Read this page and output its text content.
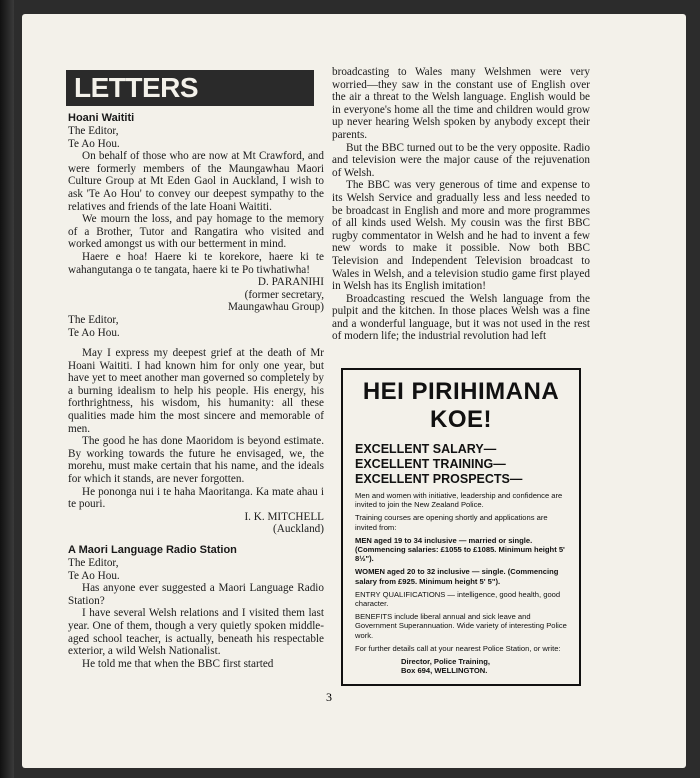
LETTERS
Hoani Waititi

The Editor,

Te Ao Hou.

On behalf of those who are now at Mt Crawford, and were formerly members of the Maungawhau Maori Culture Group at Mt Eden Gaol in Auckland, I wish to ask 'Te Ao Hou' to convey our deepest sympathy to the relatives and friends of the late Hoani Waititi.

We mourn the loss, and pay homage to the memory of a Brother, Tutor and Rangatira who visited and worked amongst us with our betterment in mind.

Haere e hoa! Haere ki te korekore, haere ki te wahangutanga o te tangata, haere ki te Po tiwhatiwha!

D. PARANIHI

(former secretary,

Maungawhau Group)

The Editor,

Te Ao Hou.

May I express my deepest grief at the death of Mr Hoani Waititi. I had known him for only one year, but have yet to meet another man governed so completely by a burning idealism to help his people. His energy, his forthrightness, his wisdom, his humanity: all these qualities made him the most sincere and memorable of men.

The good he has done Maoridom is beyond estimate. By working towards the future he envisaged, we, the morehu, must make certain that his name, and the ideals for which it stands, are never forgotten.

He pononga nui i te haha Maoritanga. Ka mate ahau i te pouri.

I. K. MITCHELL

(Auckland)

A Maori Language Radio Station

The Editor,

Te Ao Hou.

Has anyone ever suggested a Maori Language Radio Station?

I have several Welsh relations and I visited them last year. One of them, though a very quietly spoken middle-aged school teacher, is actually, beneath his respectable exterior, a wild Welsh Nationalist.

He told me that when the BBC first started

broadcasting to Wales many Welshmen were very worried—they saw in the constant use of English over the air a threat to the Welsh language. English would be in everyone's home all the time and children would grow up never hearing Welsh spoken by anybody except their parents.

But the BBC turned out to be the very opposite. Radio and television were the major cause of the rejuvenation of Welsh.

The BBC was very generous of time and expense to its Welsh Service and gradually less and less needed to be broadcast in English and more and more programmes of all kinds used Welsh. My cousin was the first BBC rugby commentator in Welsh and he had to invent a few new words to make it possible. Now both BBC Television and Independent Television broadcast to Wales in Welsh, and a television studio game first played in Welsh has its English imitation!

Broadcasting rescued the Welsh language from the pulpit and the kitchen. In those places Welsh was a fine and a wonderful language, but it was not used in the rest of modern life; the industrial revolution had left

HEI PIRIHIMANA
KOE!
EXCELLENT SALARY—
EXCELLENT TRAINING—
EXCELLENT PROSPECTS—

Men and women with initiative, leadership and confidence are invited to join the New Zealand Police.

Training courses are opening shortly and applications are invited from:

MEN aged 19 to 34 inclusive — married or single. (Commencing salaries: £1055 to £1085. Minimum height 5' 8½").

WOMEN aged 20 to 32 inclusive — single. (Commencing salary from £925. Minimum height 5' 5").

ENTRY QUALIFICATIONS — intelligence, good health, good character.

BENEFITS include liberal annual and sick leave and Government Superannuation. Wide variety of interesting Police work.

For further details call at your nearest Police Station, or write:

Director, Police Training,

Box 694, WELLINGTON.

3
